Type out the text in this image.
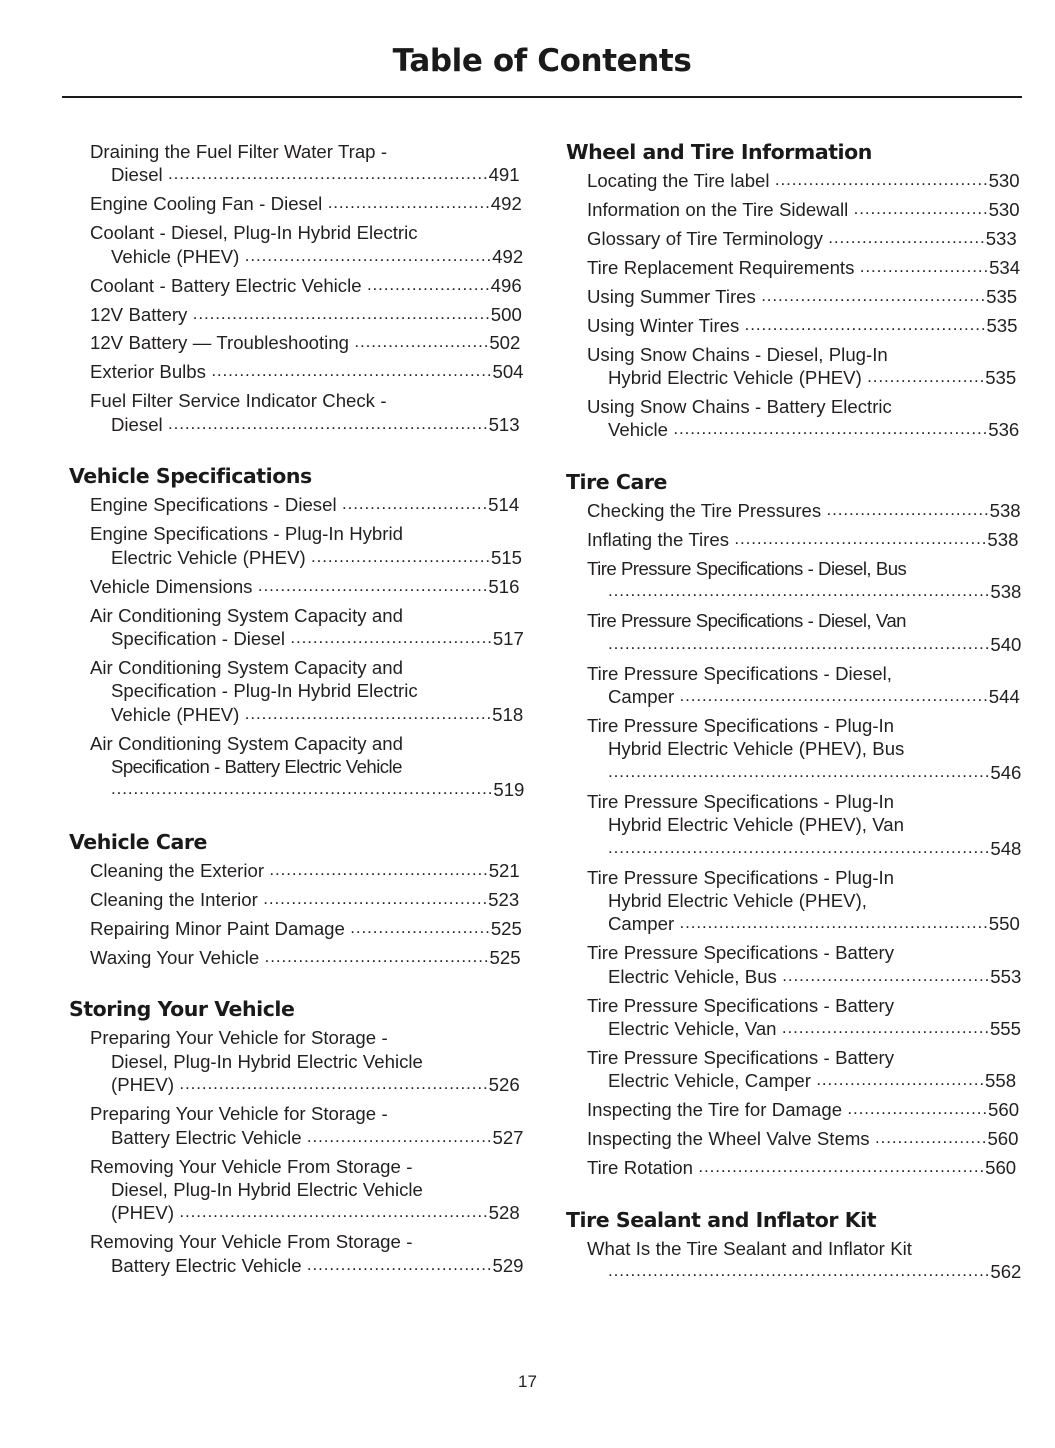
Table of Contents
Draining the Fuel Filter Water Trap -
Diesel .........................................................491
Engine Cooling Fan - Diesel .............................492
Coolant - Diesel, Plug-In Hybrid Electric
Vehicle (PHEV) ............................................492
Coolant - Battery Electric Vehicle ......................496
12V Battery .....................................................500
12V Battery — Troubleshooting ........................502
Exterior Bulbs ..................................................504
Fuel Filter Service Indicator Check -
Diesel .........................................................513
Vehicle Specifications
Engine Specifications - Diesel ..........................514
Engine Specifications - Plug-In Hybrid
Electric Vehicle (PHEV) ................................515
Vehicle Dimensions .........................................516
Air Conditioning System Capacity and
Specification - Diesel ....................................517
Air Conditioning System Capacity and
Specification - Plug-In Hybrid Electric
Vehicle (PHEV) ............................................518
Air Conditioning System Capacity and
Specification - Battery Electric Vehicle
....................................................................519
Vehicle Care
Cleaning the Exterior .......................................521
Cleaning the Interior ........................................523
Repairing Minor Paint Damage .........................525
Waxing Your Vehicle ........................................525
Storing Your Vehicle
Preparing Your Vehicle for Storage -
Diesel, Plug-In Hybrid Electric Vehicle
(PHEV) .......................................................526
Preparing Your Vehicle for Storage -
Battery Electric Vehicle .................................527
Removing Your Vehicle From Storage -
Diesel, Plug-In Hybrid Electric Vehicle
(PHEV) .......................................................528
Removing Your Vehicle From Storage -
Battery Electric Vehicle .................................529
Wheel and Tire Information
Locating the Tire label ......................................530
Information on the Tire Sidewall ........................530
Glossary of Tire Terminology ............................533
Tire Replacement Requirements .......................534
Using Summer Tires ........................................535
Using Winter Tires ...........................................535
Using Snow Chains - Diesel, Plug-In
Hybrid Electric Vehicle (PHEV) .....................535
Using Snow Chains - Battery Electric
Vehicle ........................................................536
Tire Care
Checking the Tire Pressures .............................538
Inflating the Tires .............................................538
Tire Pressure Specifications - Diesel, Bus
....................................................................538
Tire Pressure Specifications - Diesel, Van
....................................................................540
Tire Pressure Specifications - Diesel,
Camper .......................................................544
Tire Pressure Specifications - Plug-In
Hybrid Electric Vehicle (PHEV), Bus
....................................................................546
Tire Pressure Specifications - Plug-In
Hybrid Electric Vehicle (PHEV), Van
....................................................................548
Tire Pressure Specifications - Plug-In
Hybrid Electric Vehicle (PHEV),
Camper .......................................................550
Tire Pressure Specifications - Battery
Electric Vehicle, Bus .....................................553
Tire Pressure Specifications - Battery
Electric Vehicle, Van .....................................555
Tire Pressure Specifications - Battery
Electric Vehicle, Camper ..............................558
Inspecting the Tire for Damage .........................560
Inspecting the Wheel Valve Stems ....................560
Tire Rotation ...................................................560
Tire Sealant and Inflator Kit
What Is the Tire Sealant and Inflator Kit
....................................................................562
17
